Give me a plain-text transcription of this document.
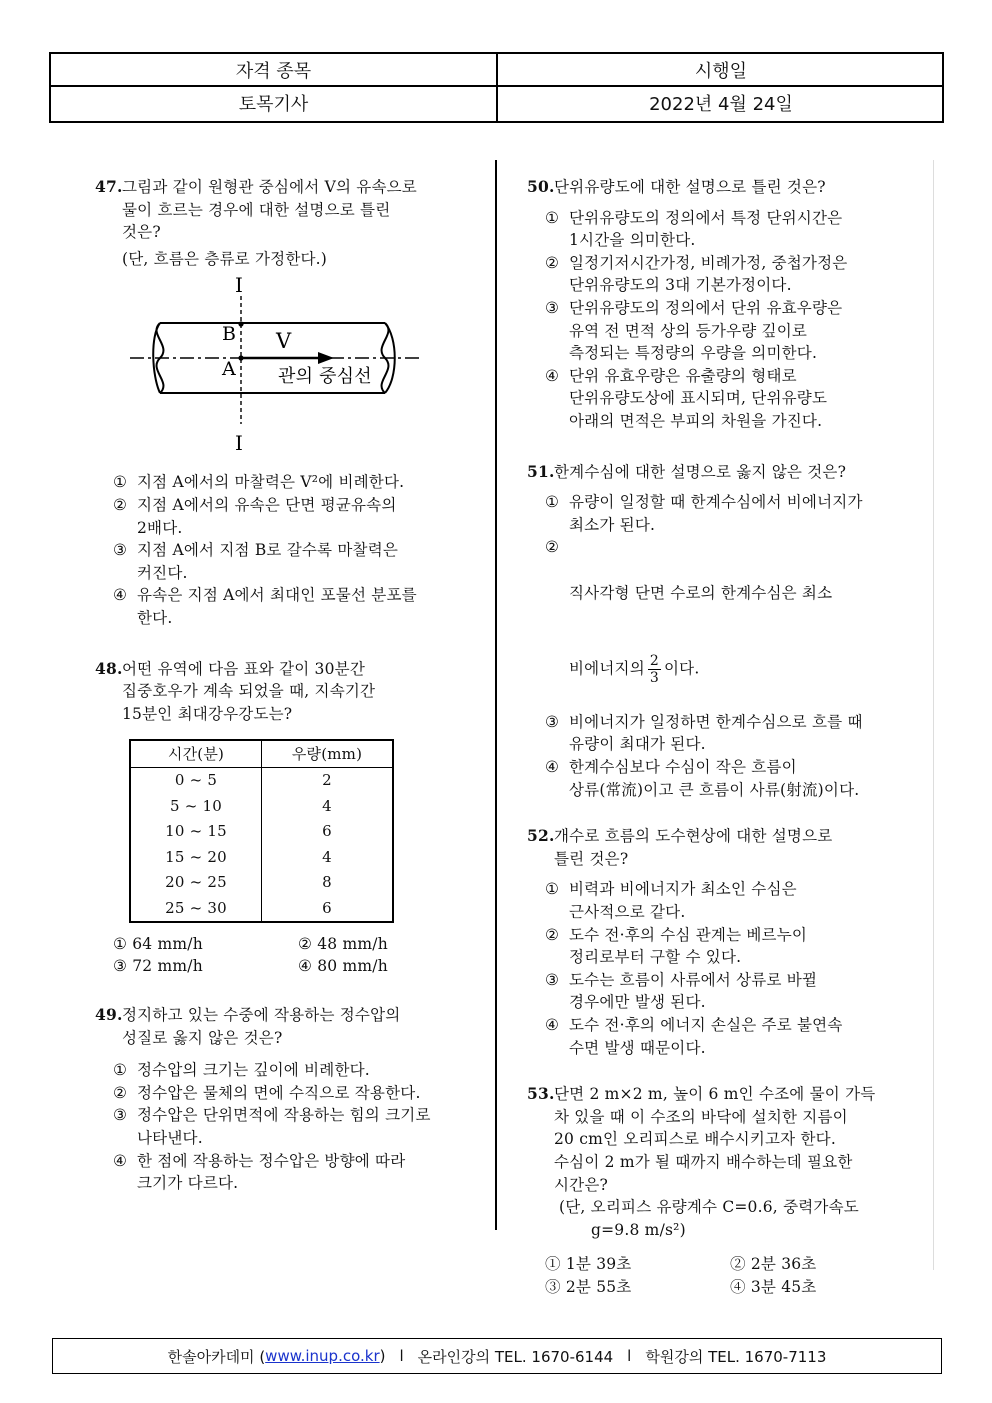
자격 종목	시행일
토목기사	2022년 4월 24일
47. 그림과 같이 원형관 중심에서 V의 유속으로
물이 흐르는 경우에 대한 설명으로 틀린
것은?
(단, 흐름은 층류로 가정한다.)
I
I
B
A
V
관의 중심선
① 지점 A에서의 마찰력은 V²에 비례한다.
② 지점 A에서의 유속은 단면 평균유속의
2배다.
③ 지점 A에서 지점 B로 갈수록 마찰력은
커진다.
④ 유속은 지점 A에서 최대인 포물선 분포를
한다.
48. 어떤 유역에 다음 표와 같이 30분간
집중호우가 계속 되었을 때, 지속기간
15분인 최대강우강도는?
시간(분)	우량(mm)
0 ~ 5	2
5 ~ 10	4
10 ~ 15	6
15 ~ 20	4
20 ~ 25	8
25 ~ 30	6
① 64 mm/h	② 48 mm/h
③ 72 mm/h	④ 80 mm/h
49. 정지하고 있는 수중에 작용하는 정수압의
성질로 옳지 않은 것은?
① 정수압의 크기는 깊이에 비례한다.
② 정수압은 물체의 면에 수직으로 작용한다.
③ 정수압은 단위면적에 작용하는 힘의 크기로
나타낸다.
④ 한 점에 작용하는 정수압은 방향에 따라
크기가 다르다.
50. 단위유량도에 대한 설명으로 틀린 것은?
① 단위유량도의 정의에서 특정 단위시간은
1시간을 의미한다.
② 일정기저시간가정, 비례가정, 중첩가정은
단위유량도의 3대 기본가정이다.
③ 단위유량도의 정의에서 단위 유효우량은
유역 전 면적 상의 등가우량 깊이로
측정되는 특정량의 우량을 의미한다.
④ 단위 유효우량은 유출량의 형태로
단위유량도상에 표시되며, 단위유량도
아래의 면적은 부피의 차원을 가진다.
51. 한계수심에 대한 설명으로 옳지 않은 것은?
① 유량이 일정할 때 한계수심에서 비에너지가
최소가 된다.

②

직사각형 단면 수로의 한계수심은 최소

비에너지의 $\frac{2}{3}$ 이다.

③ 비에너지가 일정하면 한계수심으로 흐를 때
유량이 최대가 된다.
④ 한계수심보다 수심이 작은 흐름이
상류(常流)이고 큰 흐름이 사류(射流)이다.
52. 개수로 흐름의 도수현상에 대한 설명으로
틀린 것은?
① 비력과 비에너지가 최소인 수심은
근사적으로 같다.
② 도수 전·후의 수심 관계는 베르누이
정리로부터 구할 수 있다.
③ 도수는 흐름이 사류에서 상류로 바뀔
경우에만 발생 된다.
④ 도수 전·후의 에너지 손실은 주로 불연속
수면 발생 때문이다.
53. 단면 2 m×2 m, 높이 6 m인 수조에 물이 가득
차 있을 때 이 수조의 바닥에 설치한 지름이
20 cm인 오리피스로 배수시키고자 한다.
수심이 2 m가 될 때까지 배수하는데 필요한
시간은?
(단, 오리피스 유량계수 C=0.6, 중력가속도
g=9.8 m/s²)
① 1분 39초	② 2분 36초
③ 2분 55초	④ 3분 45초
한솔아카데미 ( www.inup.co.kr ) l 온라인강의 TEL. 1670-6144 l 학원강의 TEL. 1670-7113
